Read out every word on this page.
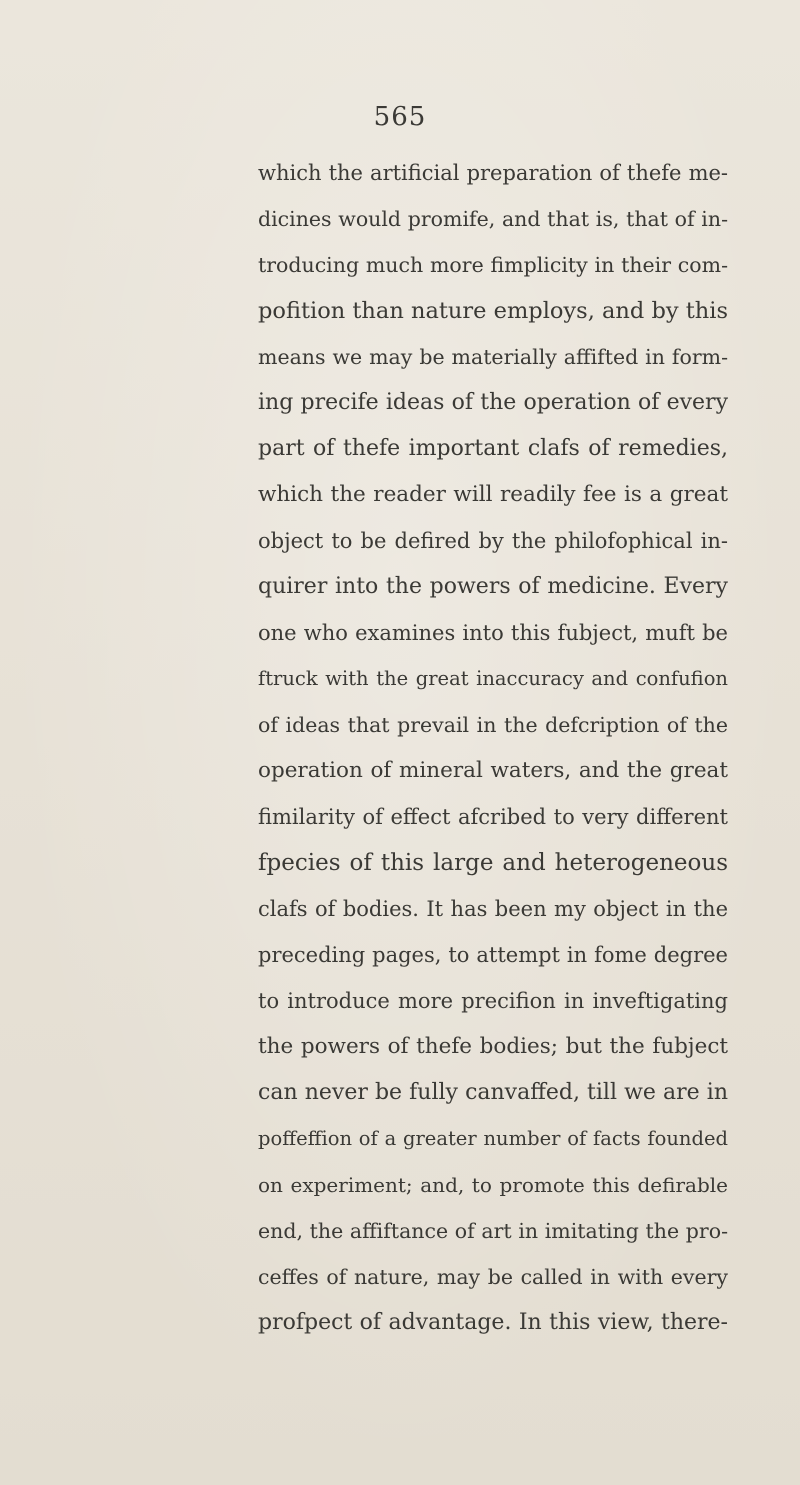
565
which the artificial preparation of thefe me-
dicines would promife, and that is, that of in-
troducing much more fimplicity in their com-
pofition than nature employs, and by this
means we may be materially affifted in form-
ing precife ideas of the operation of every
part of thefe important clafs of remedies,
which the reader will readily fee is a great
object to be defired by the philofophical in-
quirer into the powers of medicine. Every
one who examines into this fubject, muft be
ftruck with the great inaccuracy and confufion
of ideas that prevail in the defcription of the
operation of mineral waters, and the great
fimilarity of effect afcribed to very different
fpecies of this large and heterogeneous
clafs of bodies. It has been my object in the
preceding pages, to attempt in fome degree
to introduce more precifion in inveftigating
the powers of thefe bodies; but the fubject
can never be fully canvaffed, till we are in
poffeffion of a greater number of facts founded
on experiment; and, to promote this defirable
end, the affiftance of art in imitating the pro-
ceffes of nature, may be called in with every
profpect of advantage. In this view, there-
